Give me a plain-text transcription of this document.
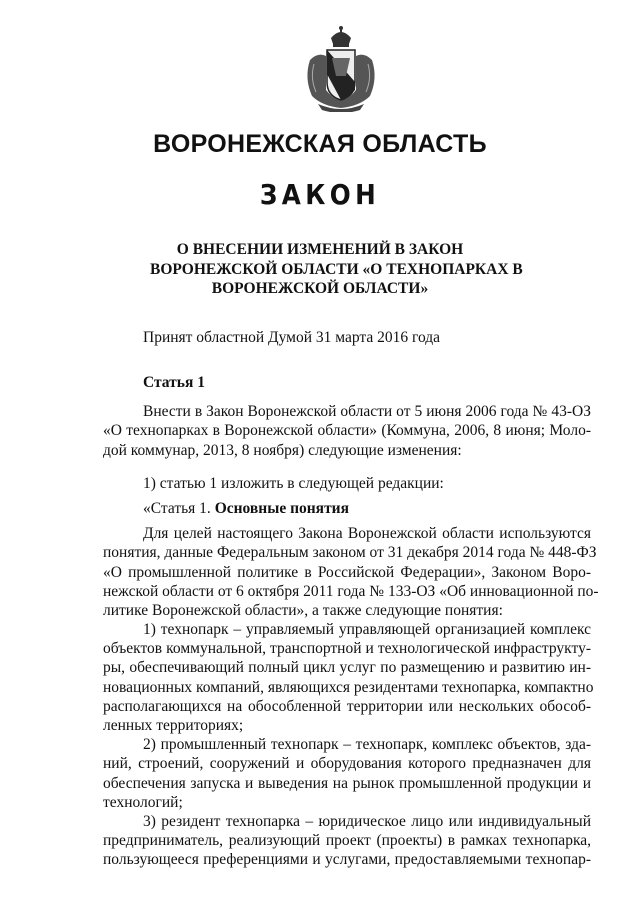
ВОРОНЕЖСКАЯ ОБЛАСТЬ
ЗАКОН
О ВНЕСЕНИИ ИЗМЕНЕНИЙ В ЗАКОН
ВОРОНЕЖСКОЙ ОБЛАСТИ «О ТЕХНОПАРКАХ В
ВОРОНЕЖСКОЙ ОБЛАСТИ»
Принят областной Думой 31 марта 2016 года
Статья 1
Внести в Закон Воронежской области от 5 июня 2006 года № 43-ОЗ
«О технопарках в Воронежской области» (Коммуна, 2006, 8 июня; Моло-
дой коммунар, 2013, 8 ноября) следующие изменения:
1) статью 1 изложить в следующей редакции:
«Статья 1. Основные понятия
Для целей настоящего Закона Воронежской области используются
понятия, данные Федеральным законом от 31 декабря 2014 года № 448-ФЗ
«О промышленной политике в Российской Федерации», Законом Воро-
нежской области от 6 октября 2011 года № 133-ОЗ «Об инновационной по-
литике Воронежской области», а также следующие понятия:
1) технопарк – управляемый управляющей организацией комплекс
объектов коммунальной, транспортной и технологической инфраструкту-
ры, обеспечивающий полный цикл услуг по размещению и развитию ин-
новационных компаний, являющихся резидентами технопарка, компактно
располагающихся на обособленной территории или нескольких обособ-
ленных территориях;
2) промышленный технопарк – технопарк, комплекс объектов, зда-
ний, строений, сооружений и оборудования которого предназначен для
обеспечения запуска и выведения на рынок промышленной продукции и
технологий;
3) резидент технопарка – юридическое лицо или индивидуальный
предприниматель, реализующий проект (проекты) в рамках технопарка,
пользующееся преференциями и услугами, предоставляемыми технопар-
